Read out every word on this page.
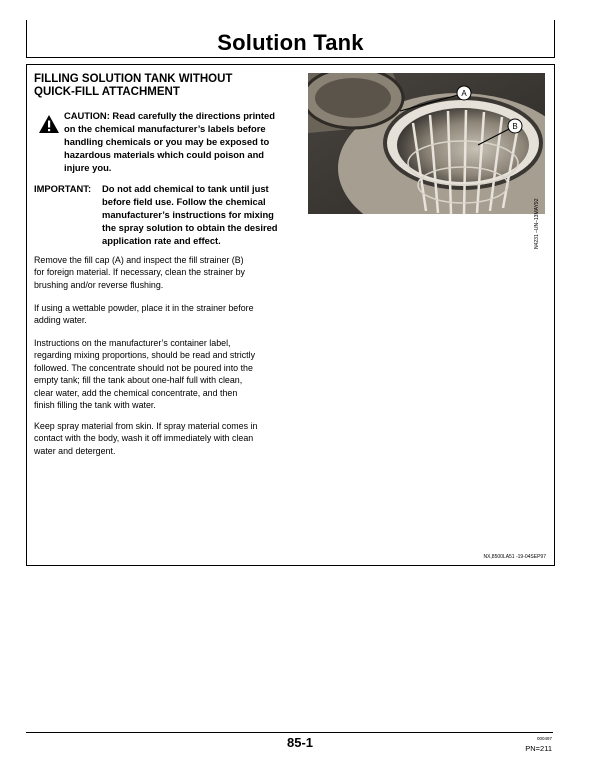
Solution Tank
FILLING SOLUTION TANK WITHOUT
QUICK-FILL ATTACHMENT
CAUTION: Read carefully the directions printed
on the chemical manufacturer’s labels before
handling chemicals or you may be exposed to
hazardous materials which could poison and
injure you.
IMPORTANT:	Do not add chemical to tank until just
before field use. Follow the chemical
manufacturer’s instructions for mixing
the spray solution to obtain the desired
application rate and effect.
Remove the fill cap (A) and inspect the fill strainer (B)
for foreign material. If necessary, clean the strainer by
brushing and/or reverse flushing.
If using a wettable powder, place it in the strainer before
adding water.
Instructions on the manufacturer’s container label,
regarding mixing proportions, should be read and strictly
followed. The concentrate should not be poured into the
empty tank; fill the tank about one-half full with clean,
clear water, add the chemical concentrate, and then
finish filling the tank with water.
Keep spray material from skin. If spray material comes in
contact with the body, wash it off immediately with clean
water and detergent.
A
B
N4231 –UN–13MAY92
NX,8500LA51 -19-04SEP97
85-1	000497
PN=211
